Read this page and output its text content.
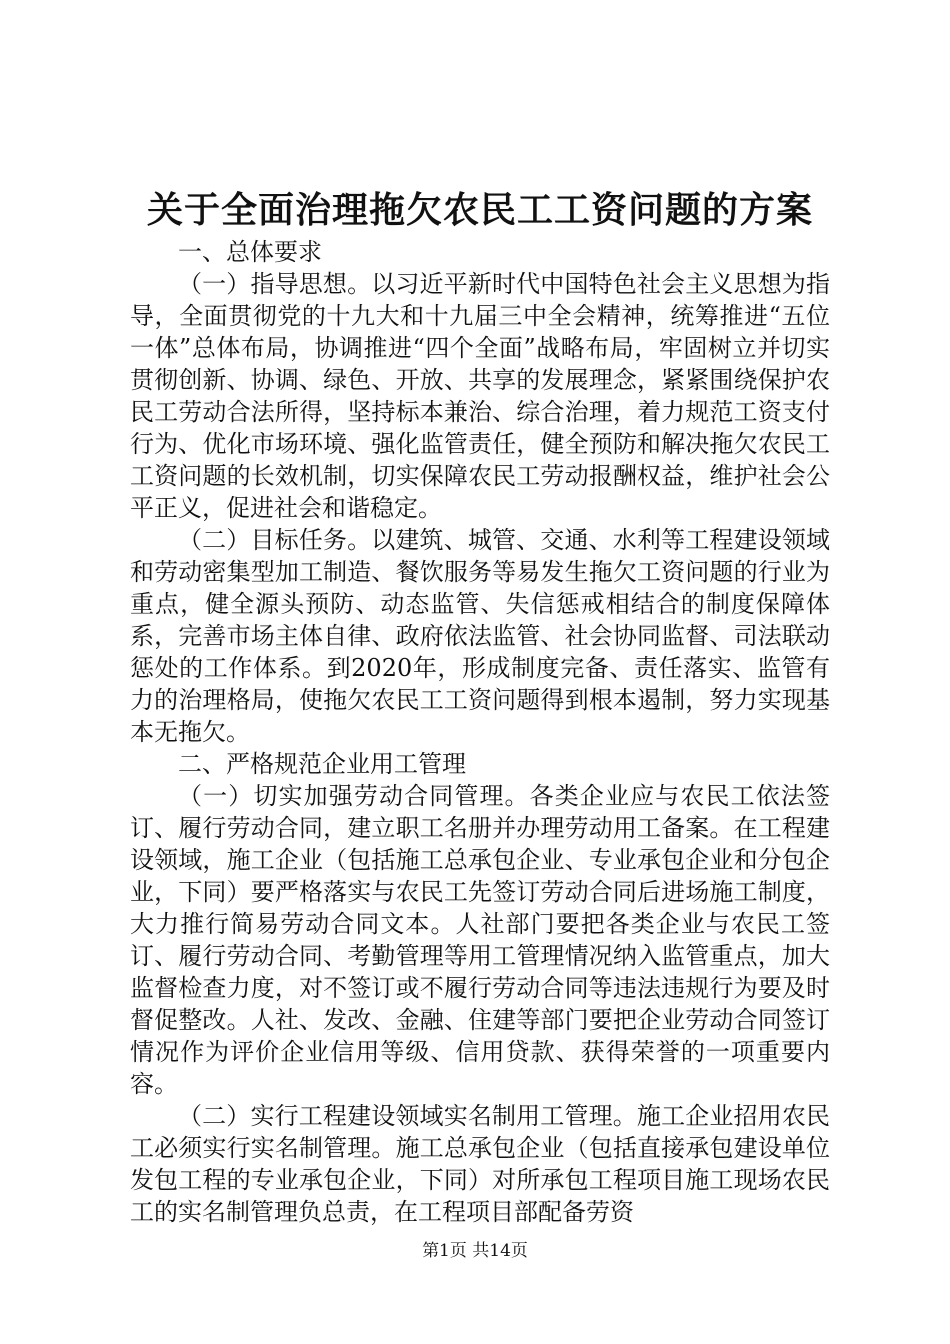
关于全面治理拖欠农民工工资问题的方案

一、总体要求

（一）指导思想。以习近平新时代中国特色社会主义思想为指导，全面贯彻党的十九大和十九届三中全会精神，统筹推进“五位一体”总体布局，协调推进“四个全面”战略布局，牢固树立并切实贯彻创新、协调、绿色、开放、共享的发展理念，紧紧围绕保护农民工劳动合法所得，坚持标本兼治、综合治理，着力规范工资支付行为、优化市场环境、强化监管责任，健全预防和解决拖欠农民工工资问题的长效机制，切实保障农民工劳动报酬权益，维护社会公平正义，促进社会和谐稳定。

（二）目标任务。以建筑、城管、交通、水利等工程建设领域和劳动密集型加工制造、餐饮服务等易发生拖欠工资问题的行业为重点，健全源头预防、动态监管、失信惩戒相结合的制度保障体系，完善市场主体自律、政府依法监管、社会协同监督、司法联动惩处的工作体系。到2020年，形成制度完备、责任落实、监管有力的治理格局，使拖欠农民工工资问题得到根本遏制，努力实现基本无拖欠。

二、严格规范企业用工管理

（一）切实加强劳动合同管理。各类企业应与农民工依法签订、履行劳动合同，建立职工名册并办理劳动用工备案。在工程建设领域，施工企业（包括施工总承包企业、专业承包企业和分包企业，下同）要严格落实与农民工先签订劳动合同后进场施工制度，大力推行简易劳动合同文本。人社部门要把各类企业与农民工签订、履行劳动合同、考勤管理等用工管理情况纳入监管重点，加大监督检查力度，对不签订或不履行劳动合同等违法违规行为要及时督促整改。人社、发改、金融、住建等部门要把企业劳动合同签订情况作为评价企业信用等级、信用贷款、获得荣誉的一项重要内容。

（二）实行工程建设领域实名制用工管理。施工企业招用农民工必须实行实名制管理。施工总承包企业（包括直接承包建设单位发包工程的专业承包企业，下同）对所承包工程项目施工现场农民工的实名制管理负总责，在工程项目部配备劳资

第1页 共14页
